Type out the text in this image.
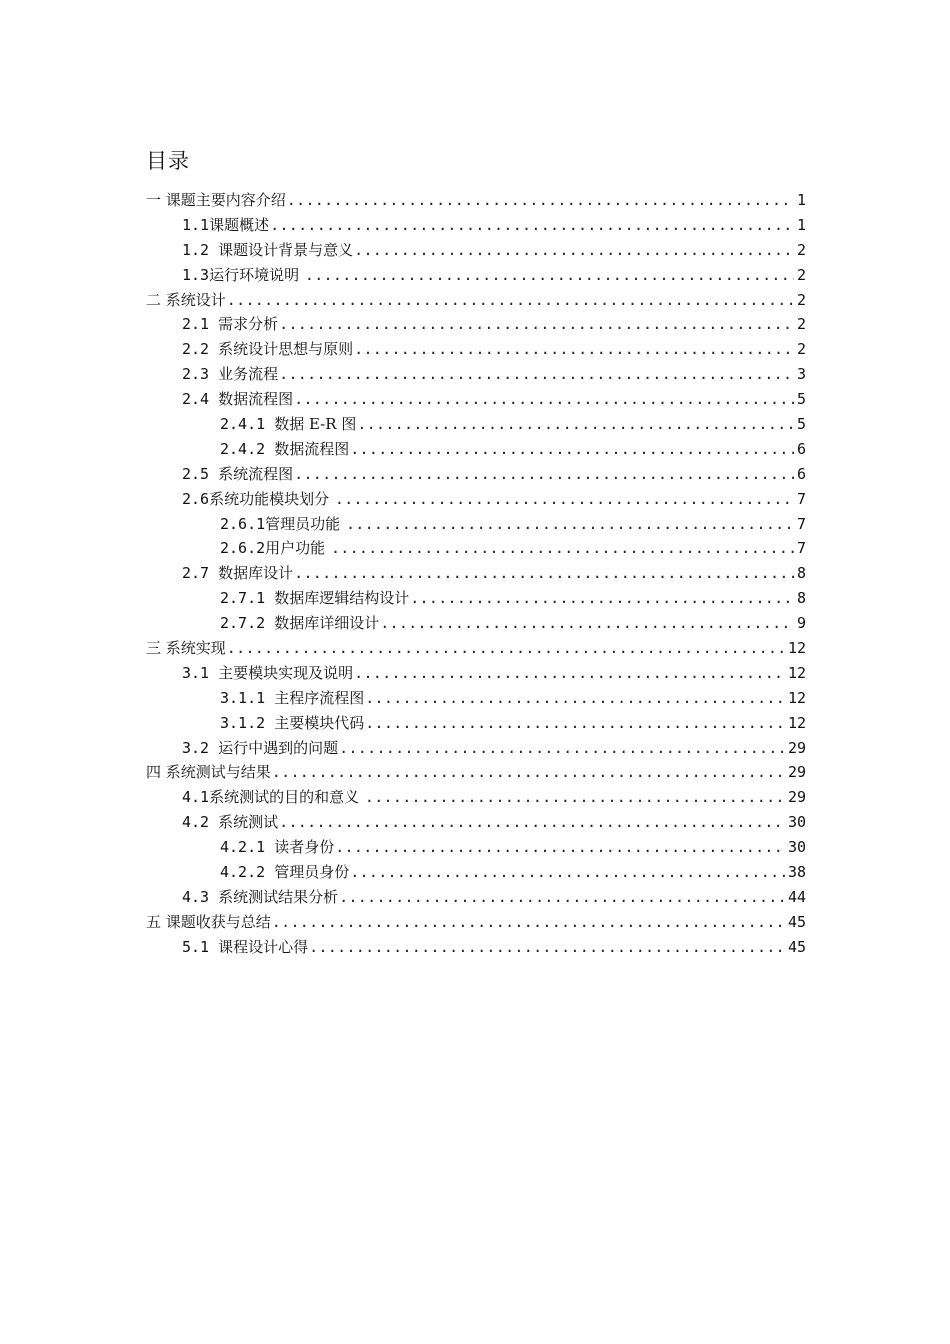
目录
一 课题主要内容介绍 .....	1
1.1 课题概述 .....	1
1.2 课题设计背景与意义 .....	2
1.3 运行环境说明 .....	2
二 系统设计 .....	2
2.1 需求分析 .....	2
2.2 系统设计思想与原则 .....	2
2.3 业务流程 .....	3
2.4 数据流程图 .....	5
2.4.1 数据 E-R 图 .....	5
2.4.2 数据流程图 .....	6
2.5 系统流程图 .....	6
2.6 系统功能模块划分 .....	7
2.6.1 管理员功能 .....	7
2.6.2 用户功能 .....	7
2.7 数据库设计 .....	8
2.7.1 数据库逻辑结构设计 .....	8
2.7.2 数据库详细设计 .....	9
三 系统实现 .....	12
3.1 主要模块实现及说明 .....	12
3.1.1 主程序流程图 .....	12
3.1.2 主要模块代码 .....	12
3.2 运行中遇到的问题 .....	29
四 系统测试与结果 .....	29
4.1 系统测试的目的和意义 .....	29
4.2 系统测试 .....	30
4.2.1 读者身份 .....	30
4.2.2 管理员身份 .....	38
4.3 系统测试结果分析 .....	44
五 课题收获与总结 .....	45
5.1 课程设计心得 .....	45
